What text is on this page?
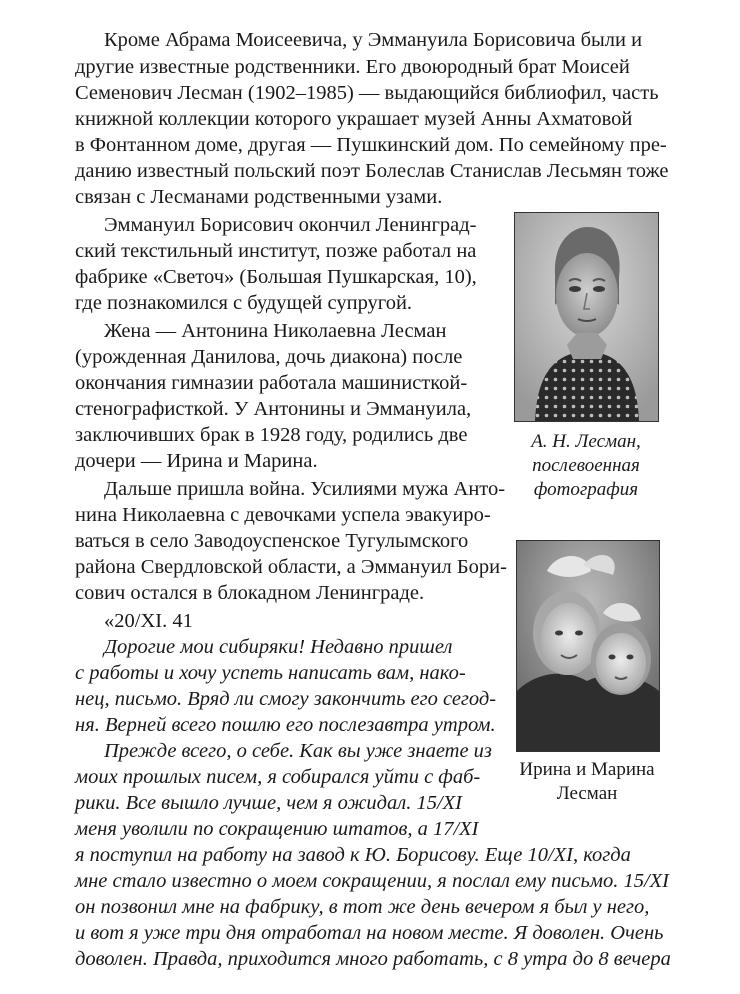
Кроме Абрама Моисеевича, у Эммануила Борисовича были и

другие известные родственники. Его двоюродный брат Моисей

Семенович Лесман (1902–1985) — выдающийся библиофил, часть

книжной коллекции которого украшает музей Анны Ахматовой

в Фонтанном доме, другая — Пушкинский дом. По семейному пре-

данию известный польский поэт Болеслав Станислав Лесьмян тоже

связан с Лесманами родственными узами.

Эммануил Борисович окончил Ленинград-

ский текстильный институт, позже работал на

фабрике «Светоч» (Большая Пушкарская, 10),

где познакомился с будущей супругой.

Жена — Антонина Николаевна Лесман

(урожденная Данилова, дочь диакона) после

окончания гимназии работала машинисткой-

стенографисткой. У Антонины и Эммануила,

заключивших брак в 1928 году, родились две

дочери — Ирина и Марина.

Дальше пришла война. Усилиями мужа Анто-

нина Николаевна с девочками успела эвакуиро-

ваться в село Заводоуспенское Тугулымского

района Свердловской области, а Эммануил Бори-

сович остался в блокадном Ленинграде.

«20/XI. 41

Дорогие мои сибиряки! Недавно пришел

с работы и хочу успеть написать вам, нако-

нец, письмо. Вряд ли смогу закончить его сегод-

ня. Верней всего пошлю его послезавтра утром.

Прежде всего, о себе. Как вы уже знаете из

моих прошлых писем, я собирался уйти с фаб-

рики. Все вышло лучше, чем я ожидал. 15/XI

меня уволили по сокращению штатов, а 17/XI

я поступил на работу на завод к Ю. Борисову. Еще 10/XI, когда

мне стало известно о моем сокращении, я послал ему письмо. 15/XI

он позвонил мне на фабрику, в тот же день вечером я был у него,

и вот я уже три дня отработал на новом месте. Я доволен. Очень

доволен. Правда, приходится много работать, с 8 утра до 8 вечера

А. Н. Лесман,

послевоенная

фотография

Ирина и Марина

Лесман
